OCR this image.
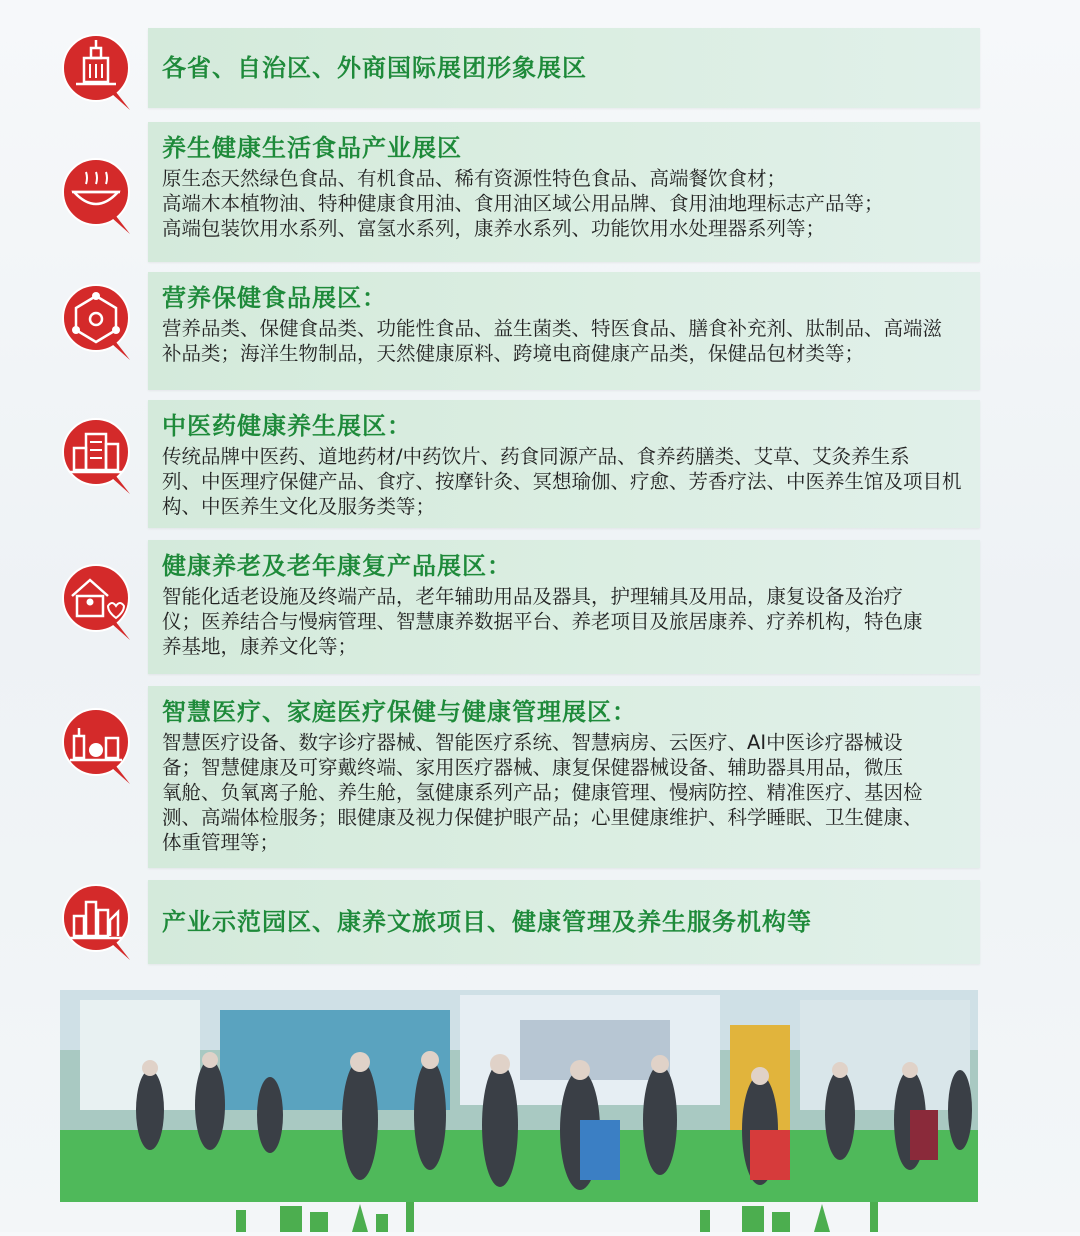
各省、自治区、外商国际展团形象展区

养生健康生活食品产业展区

原生态天然绿色食品、有机食品、稀有资源性特色食品、高端餐饮食材；

高端木本植物油、特种健康食用油、食用油区域公用品牌、食用油地理标志产品等；

高端包装饮用水系列、富氢水系列，康养水系列、功能饮用水处理器系列等；

营养保健食品展区：

营养品类、保健食品类、功能性食品、益生菌类、特医食品、膳食补充剂、肽制品、高端滋

补品类；海洋生物制品，天然健康原料、跨境电商健康产品类，保健品包材类等；

中医药健康养生展区：

传统品牌中医药、道地药材/中药饮片、药食同源产品、食养药膳类、艾草、艾灸养生系

列、中医理疗保健产品、食疗、按摩针灸、冥想瑜伽、疗愈、芳香疗法、中医养生馆及项目机

构、中医养生文化及服务类等；

健康养老及老年康复产品展区：

智能化适老设施及终端产品，老年辅助用品及器具，护理辅具及用品，康复设备及治疗

仪；医养结合与慢病管理、智慧康养数据平台、养老项目及旅居康养、疗养机构，特色康

养基地，康养文化等；

智慧医疗、家庭医疗保健与健康管理展区：

智慧医疗设备、数字诊疗器械、智能医疗系统、智慧病房、云医疗、AI中医诊疗器械设

备；智慧健康及可穿戴终端、家用医疗器械、康复保健器械设备、辅助器具用品，微压

氧舱、负氧离子舱、养生舱，氢健康系列产品；健康管理、慢病防控、精准医疗、基因检

测、高端体检服务；眼健康及视力保健护眼产品；心里健康维护、科学睡眠、卫生健康、

体重管理等；

产业示范园区、康养文旅项目、健康管理及养生服务机构等
